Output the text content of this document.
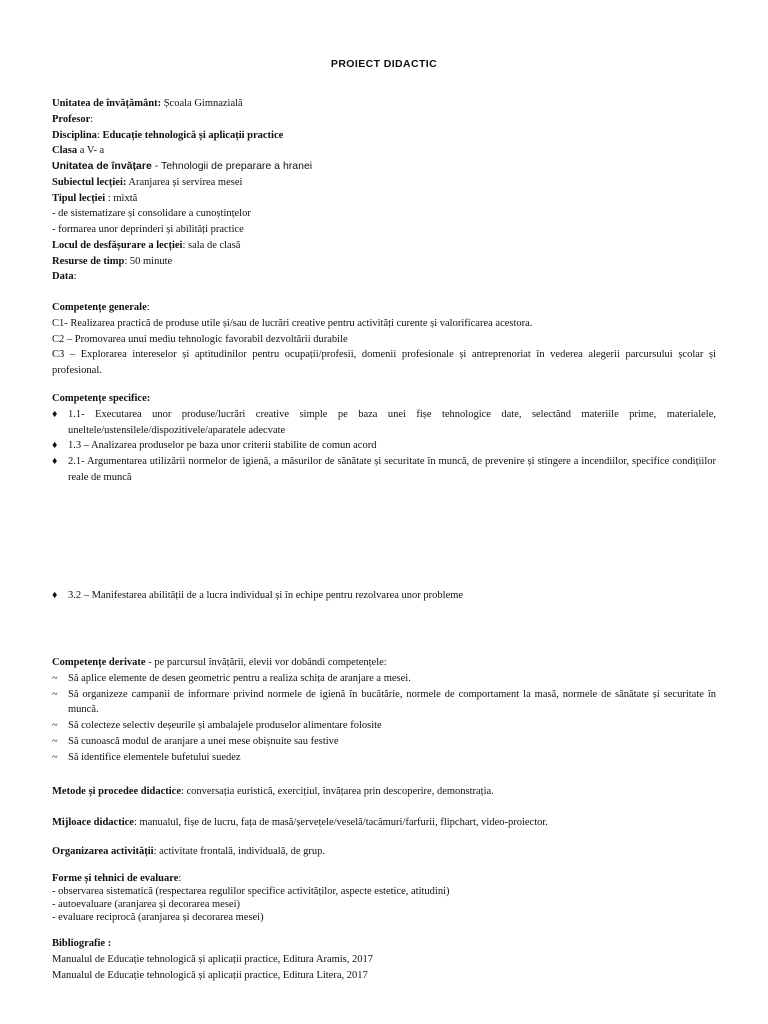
PROIECT DIDACTIC
Unitatea de învățământ: Școala Gimnazială
Profesor:
Disciplina: Educație tehnologică și aplicații practice
Clasa a V- a
Unitatea de învățare - Tehnologii de preparare a hranei
Subiectul lecției: Aranjarea și servirea mesei
Tipul lecției : mixtă
- de sistematizare și consolidare a cunoștințelor
- formarea unor deprinderi și abilități practice
Locul de desfășurare a lecției: sala de clasă
Resurse de timp: 50 minute
Data:
Competențe generale:
C1- Realizarea practică de produse utile și/sau de lucrări creative pentru activități curente și valorificarea acestora.
C2 – Promovarea unui mediu tehnologic favorabil dezvoltării durabile
C3 – Explorarea intereselor și aptitudinilor pentru ocupații/profesii, domenii profesionale și antreprenoriat în vederea alegerii parcursului școlar și profesional.
Competențe specifice:
♦ 1.1- Executarea unor produse/lucrări creative simple pe baza unei fișe tehnologice date, selectând materiile prime, materialele, uneltele/ustensilele/dispozitivele/aparatele adecvate
♦ 1.3 – Analizarea produselor pe baza unor criterii stabilite de comun acord
♦ 2.1- Argumentarea utilizării normelor de igienă, a măsurilor de sănătate și securitate în muncă, de prevenire și stingere a incendiilor, specifice condițiilor reale de muncă
♦ 3.2 – Manifestarea abilității de a lucra individual și în echipe pentru rezolvarea unor probleme
Competențe derivate - pe parcursul învățării, elevii vor dobândi competențele:
~ Să aplice elemente de desen geometric pentru a realiza schița de aranjare a mesei.
~ Să organizeze campanii de informare privind normele de igienă în bucătărie, normele de comportament la masă, normele de sănătate și securitate în muncă.
~ Să colecteze selectiv deșeurile și ambalajele produselor alimentare folosite
~ Să cunoască modul de aranjare a unei mese obișnuite sau festive
~ Să identifice elementele bufetului suedez
Metode și procedee didactice: conversația euristică, exercițiul, învățarea prin descoperire, demonstrația.
Mijloace didactice: manualul, fișe de lucru, fața de masă/șervețele/veselă/tacâmuri/farfurii, flipchart, video-proiector.
Organizarea activității: activitate frontală, individuală, de grup.
Forme și tehnici de evaluare:
- observarea sistematică (respectarea regulilor specifice activităților, aspecte estetice, atitudini)
- autoevaluare (aranjarea și decorarea mesei)
- evaluare reciprocă (aranjarea și decorarea mesei)
Bibliografie :
Manualul de Educație tehnologică și aplicații practice, Editura Aramis, 2017
Manualul de Educație tehnologică și aplicații practice, Editura Litera, 2017
